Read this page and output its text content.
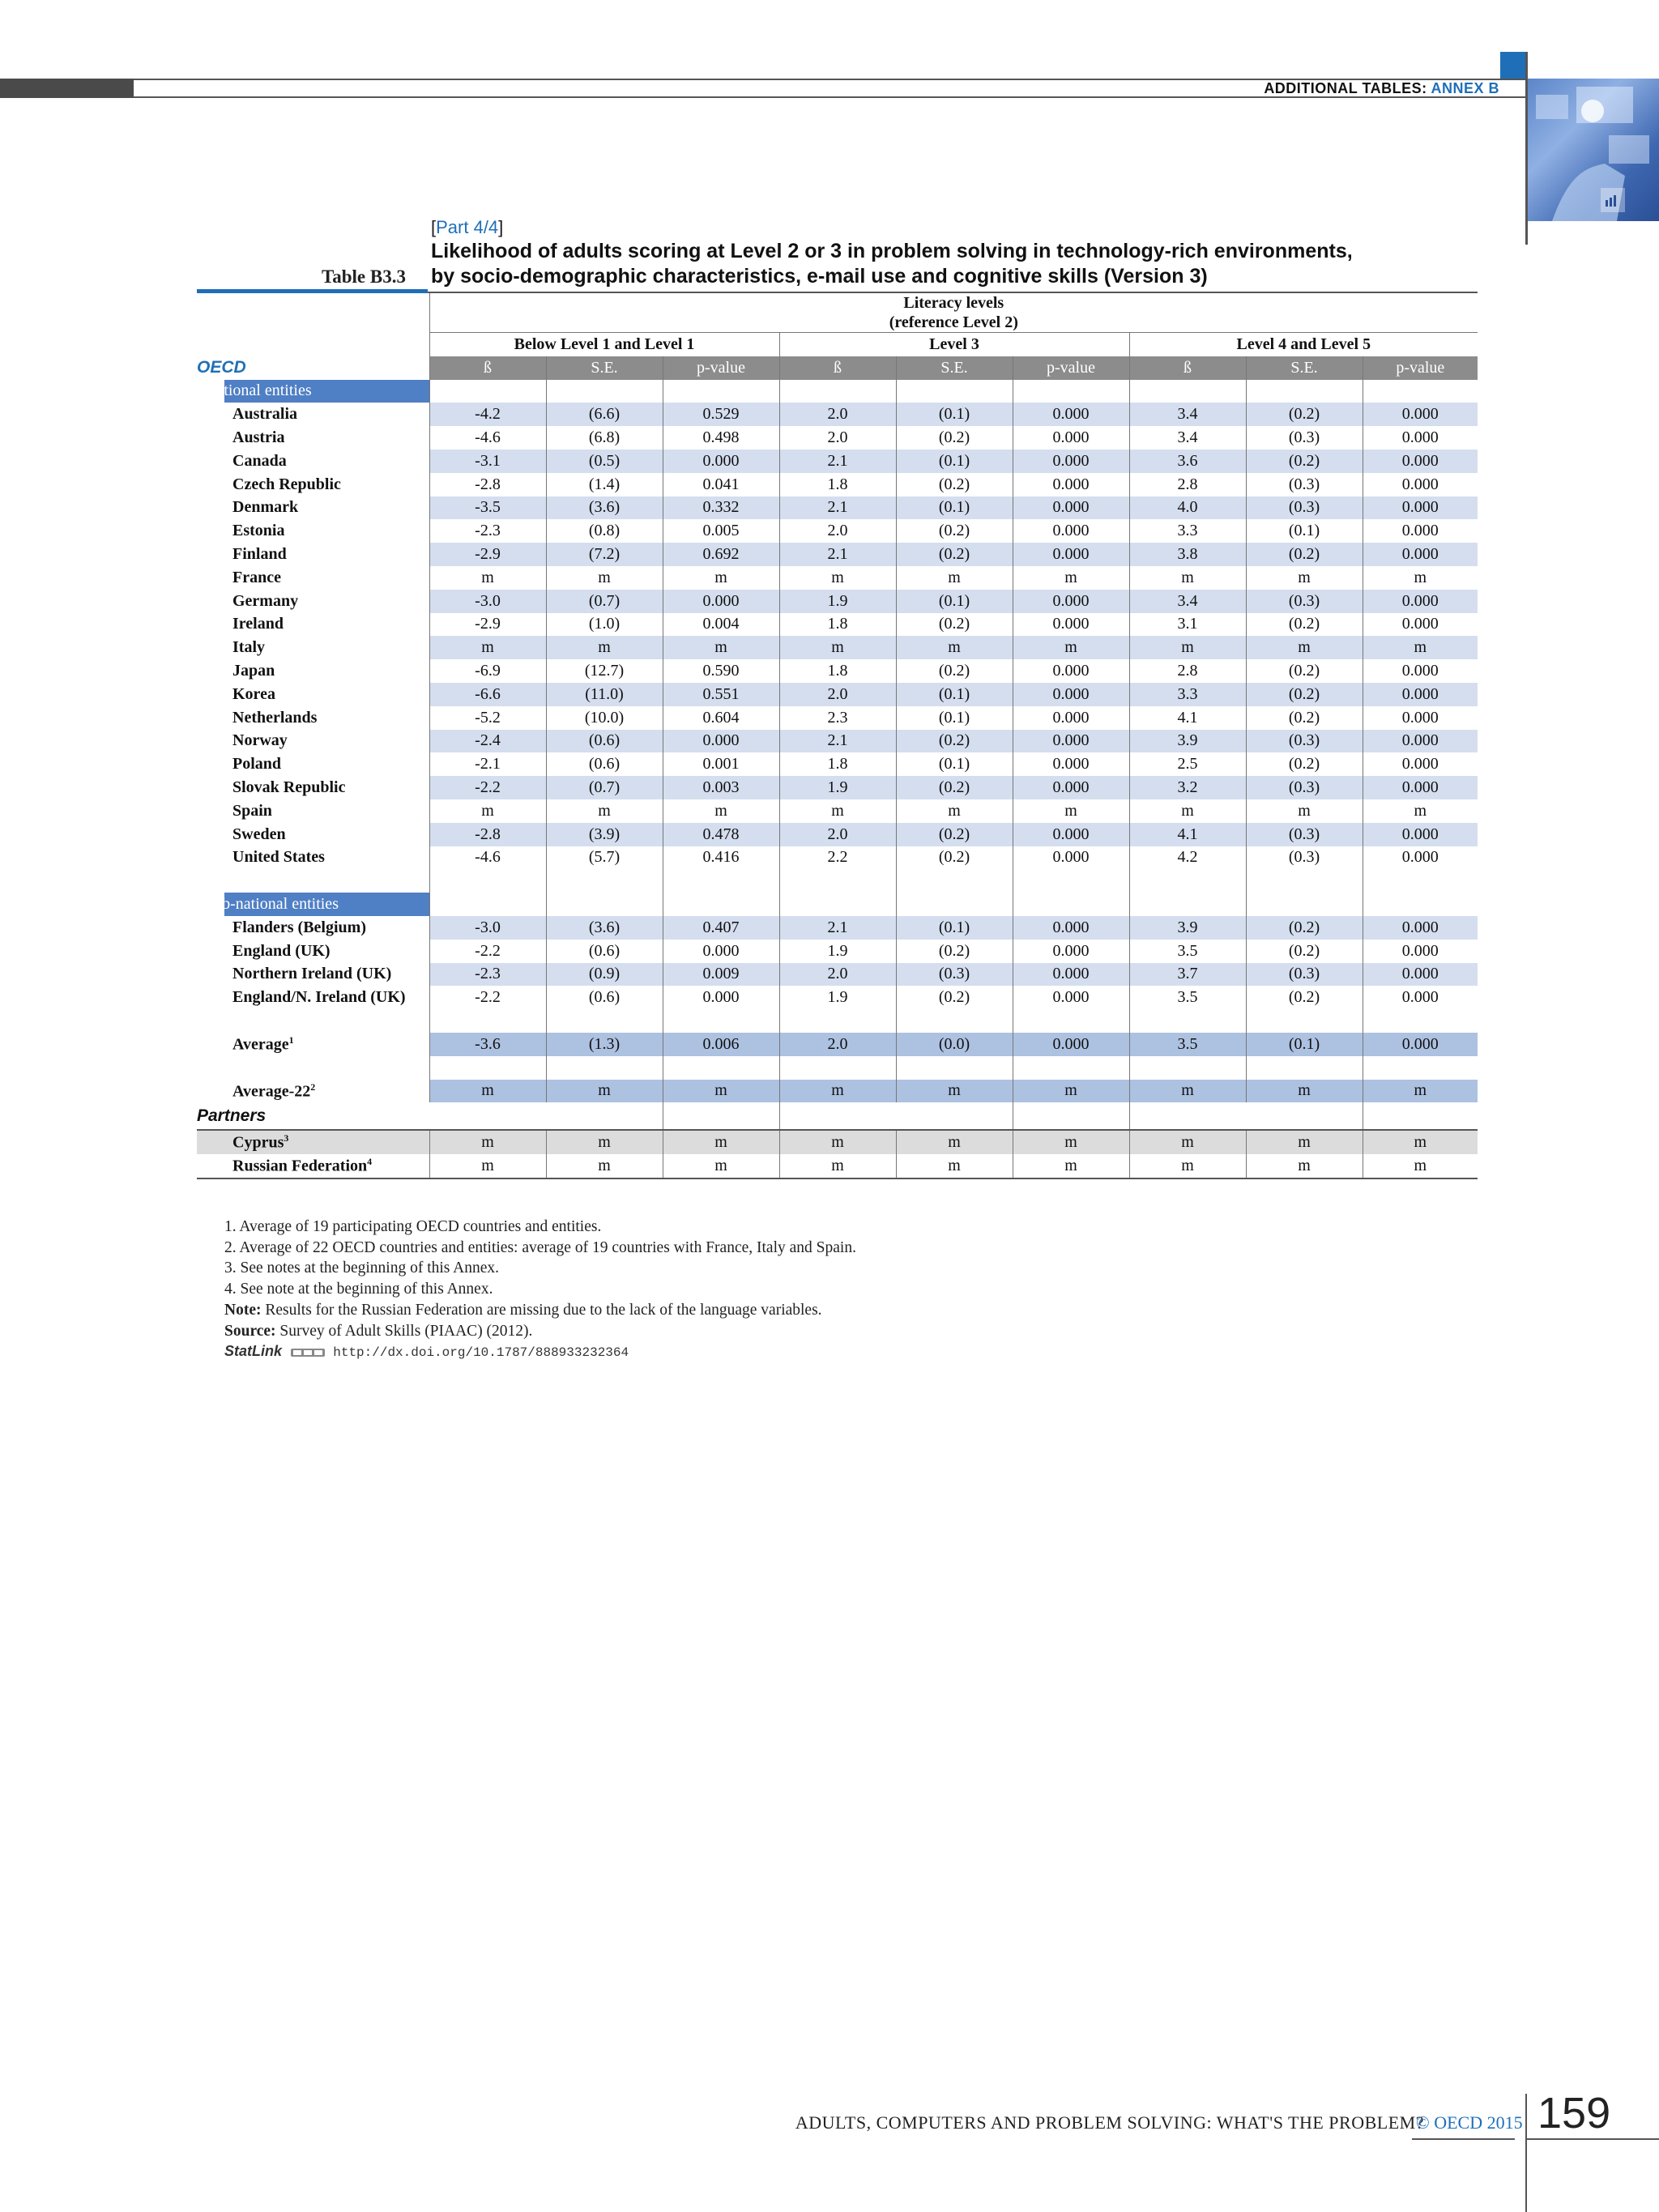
ADDITIONAL TABLES: ANNEX B
[Part 4/4]
Likelihood of adults scoring at Level 2 or 3 in problem solving in technology-rich environments,
by socio-demographic characteristics, e-mail use and cognitive skills (Version 3)
Table B3.3
	Literacy levels
(reference Level 2)								
	Below Level 1 and Level 1			Level 3			Level 4 and Level 5		
OECD	ß	S.E.	p-value	ß	S.E.	p-value	ß	S.E.	p-value
National entities									
Australia	-4.2	(6.6)	0.529	2.0	(0.1)	0.000	3.4	(0.2)	0.000
Austria	-4.6	(6.8)	0.498	2.0	(0.2)	0.000	3.4	(0.3)	0.000
Canada	-3.1	(0.5)	0.000	2.1	(0.1)	0.000	3.6	(0.2)	0.000
Czech Republic	-2.8	(1.4)	0.041	1.8	(0.2)	0.000	2.8	(0.3)	0.000
Denmark	-3.5	(3.6)	0.332	2.1	(0.1)	0.000	4.0	(0.3)	0.000
Estonia	-2.3	(0.8)	0.005	2.0	(0.2)	0.000	3.3	(0.1)	0.000
Finland	-2.9	(7.2)	0.692	2.1	(0.2)	0.000	3.8	(0.2)	0.000
France	m	m	m	m	m	m	m	m	m
Germany	-3.0	(0.7)	0.000	1.9	(0.1)	0.000	3.4	(0.3)	0.000
Ireland	-2.9	(1.0)	0.004	1.8	(0.2)	0.000	3.1	(0.2)	0.000
Italy	m	m	m	m	m	m	m	m	m
Japan	-6.9	(12.7)	0.590	1.8	(0.2)	0.000	2.8	(0.2)	0.000
Korea	-6.6	(11.0)	0.551	2.0	(0.1)	0.000	3.3	(0.2)	0.000
Netherlands	-5.2	(10.0)	0.604	2.3	(0.1)	0.000	4.1	(0.2)	0.000
Norway	-2.4	(0.6)	0.000	2.1	(0.2)	0.000	3.9	(0.3)	0.000
Poland	-2.1	(0.6)	0.001	1.8	(0.1)	0.000	2.5	(0.2)	0.000
Slovak Republic	-2.2	(0.7)	0.003	1.9	(0.2)	0.000	3.2	(0.3)	0.000
Spain	m	m	m	m	m	m	m	m	m
Sweden	-2.8	(3.9)	0.478	2.0	(0.2)	0.000	4.1	(0.3)	0.000
United States	-4.6	(5.7)	0.416	2.2	(0.2)	0.000	4.2	(0.3)	0.000

Sub-national entities									
Flanders (Belgium)	-3.0	(3.6)	0.407	2.1	(0.1)	0.000	3.9	(0.2)	0.000
England (UK)	-2.2	(0.6)	0.000	1.9	(0.2)	0.000	3.5	(0.2)	0.000
Northern Ireland (UK)	-2.3	(0.9)	0.009	2.0	(0.3)	0.000	3.7	(0.3)	0.000
England/N. Ireland (UK)	-2.2	(0.6)	0.000	1.9	(0.2)	0.000	3.5	(0.2)	0.000

Average$^1$	-3.6	(1.3)	0.006	2.0	(0.0)	0.000	3.5	(0.1)	0.000

Average-$22^2$	m	m	m	m	m	m	m	m	m
Partners									
Cyprus$^3$	m	m	m	m	m	m	m	m	m
Russian Federation$^4$	m	m	m	m	m	m	m	m	m
1. Average of 19 participating OECD countries and entities.
2. Average of 22 OECD countries and entities: average of 19 countries with France, Italy and Spain.
3. See notes at the beginning of this Annex.
4. See note at the beginning of this Annex.
Note: Results for the Russian Federation are missing due to the lack of the language variables.
Source: Survey of Adult Skills (PIAAC) (2012).
StatLink	http://dx.doi.org/10.1787/888933232364
ADULTS, COMPUTERS AND PROBLEM SOLVING: WHAT'S THE PROBLEM?
© OECD 2015 159
